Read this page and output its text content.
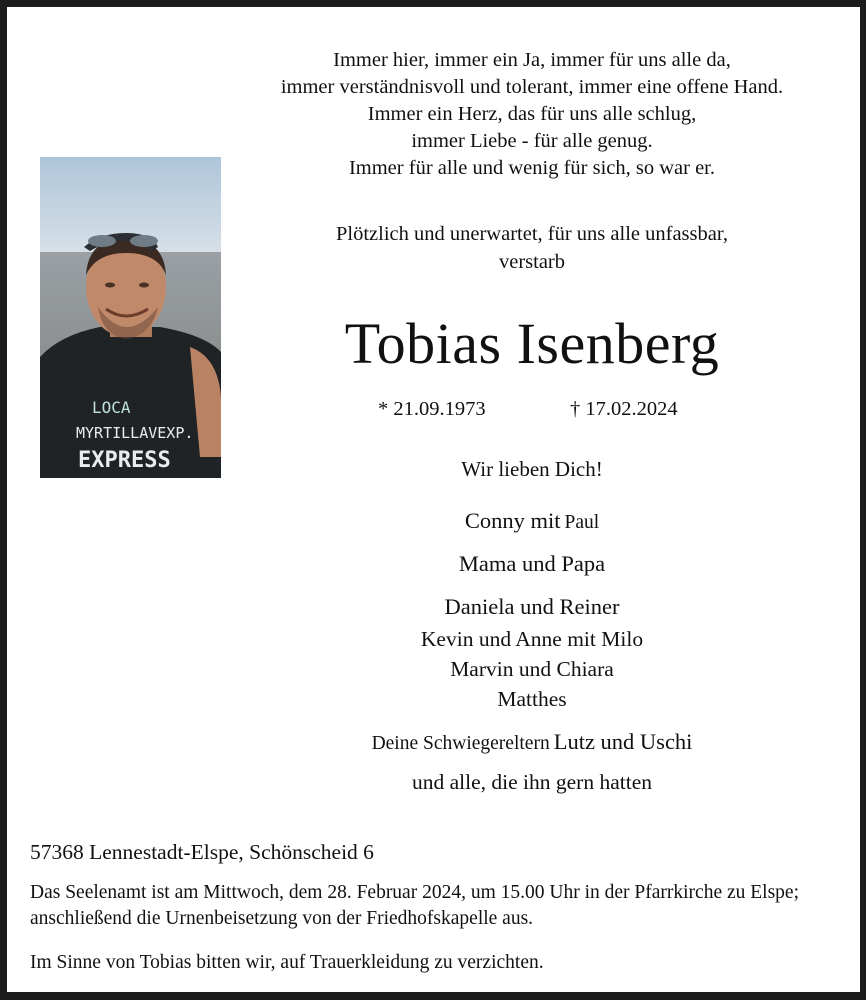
Immer hier, immer ein Ja, immer für uns alle da,
immer verständnisvoll und tolerant, immer eine offene Hand.
Immer ein Herz, das für uns alle schlug,
immer Liebe - für alle genug.
Immer für alle und wenig für sich, so war er.
LOCA
MYRTILLAVEXP.
EXPRESS
Plötzlich und unerwartet, für uns alle unfassbar,
verstarb
Tobias Isenberg
* 21.09.1973	† 17.02.2024
Wir lieben Dich!
Conny mit Paul
Mama und Papa
Daniela und Reiner
Kevin und Anne mit Milo
Marvin und Chiara
Matthes
Deine Schwiegereltern Lutz und Uschi
und alle, die ihn gern hatten
57368 Lennestadt-Elspe, Schönscheid 6
Das Seelenamt ist am Mittwoch, dem 28. Februar 2024, um 15.00 Uhr in der Pfarrkirche zu Elspe; anschließend die Urnenbeisetzung von der Friedhofskapelle aus.
Im Sinne von Tobias bitten wir, auf Trauerkleidung zu verzichten.
